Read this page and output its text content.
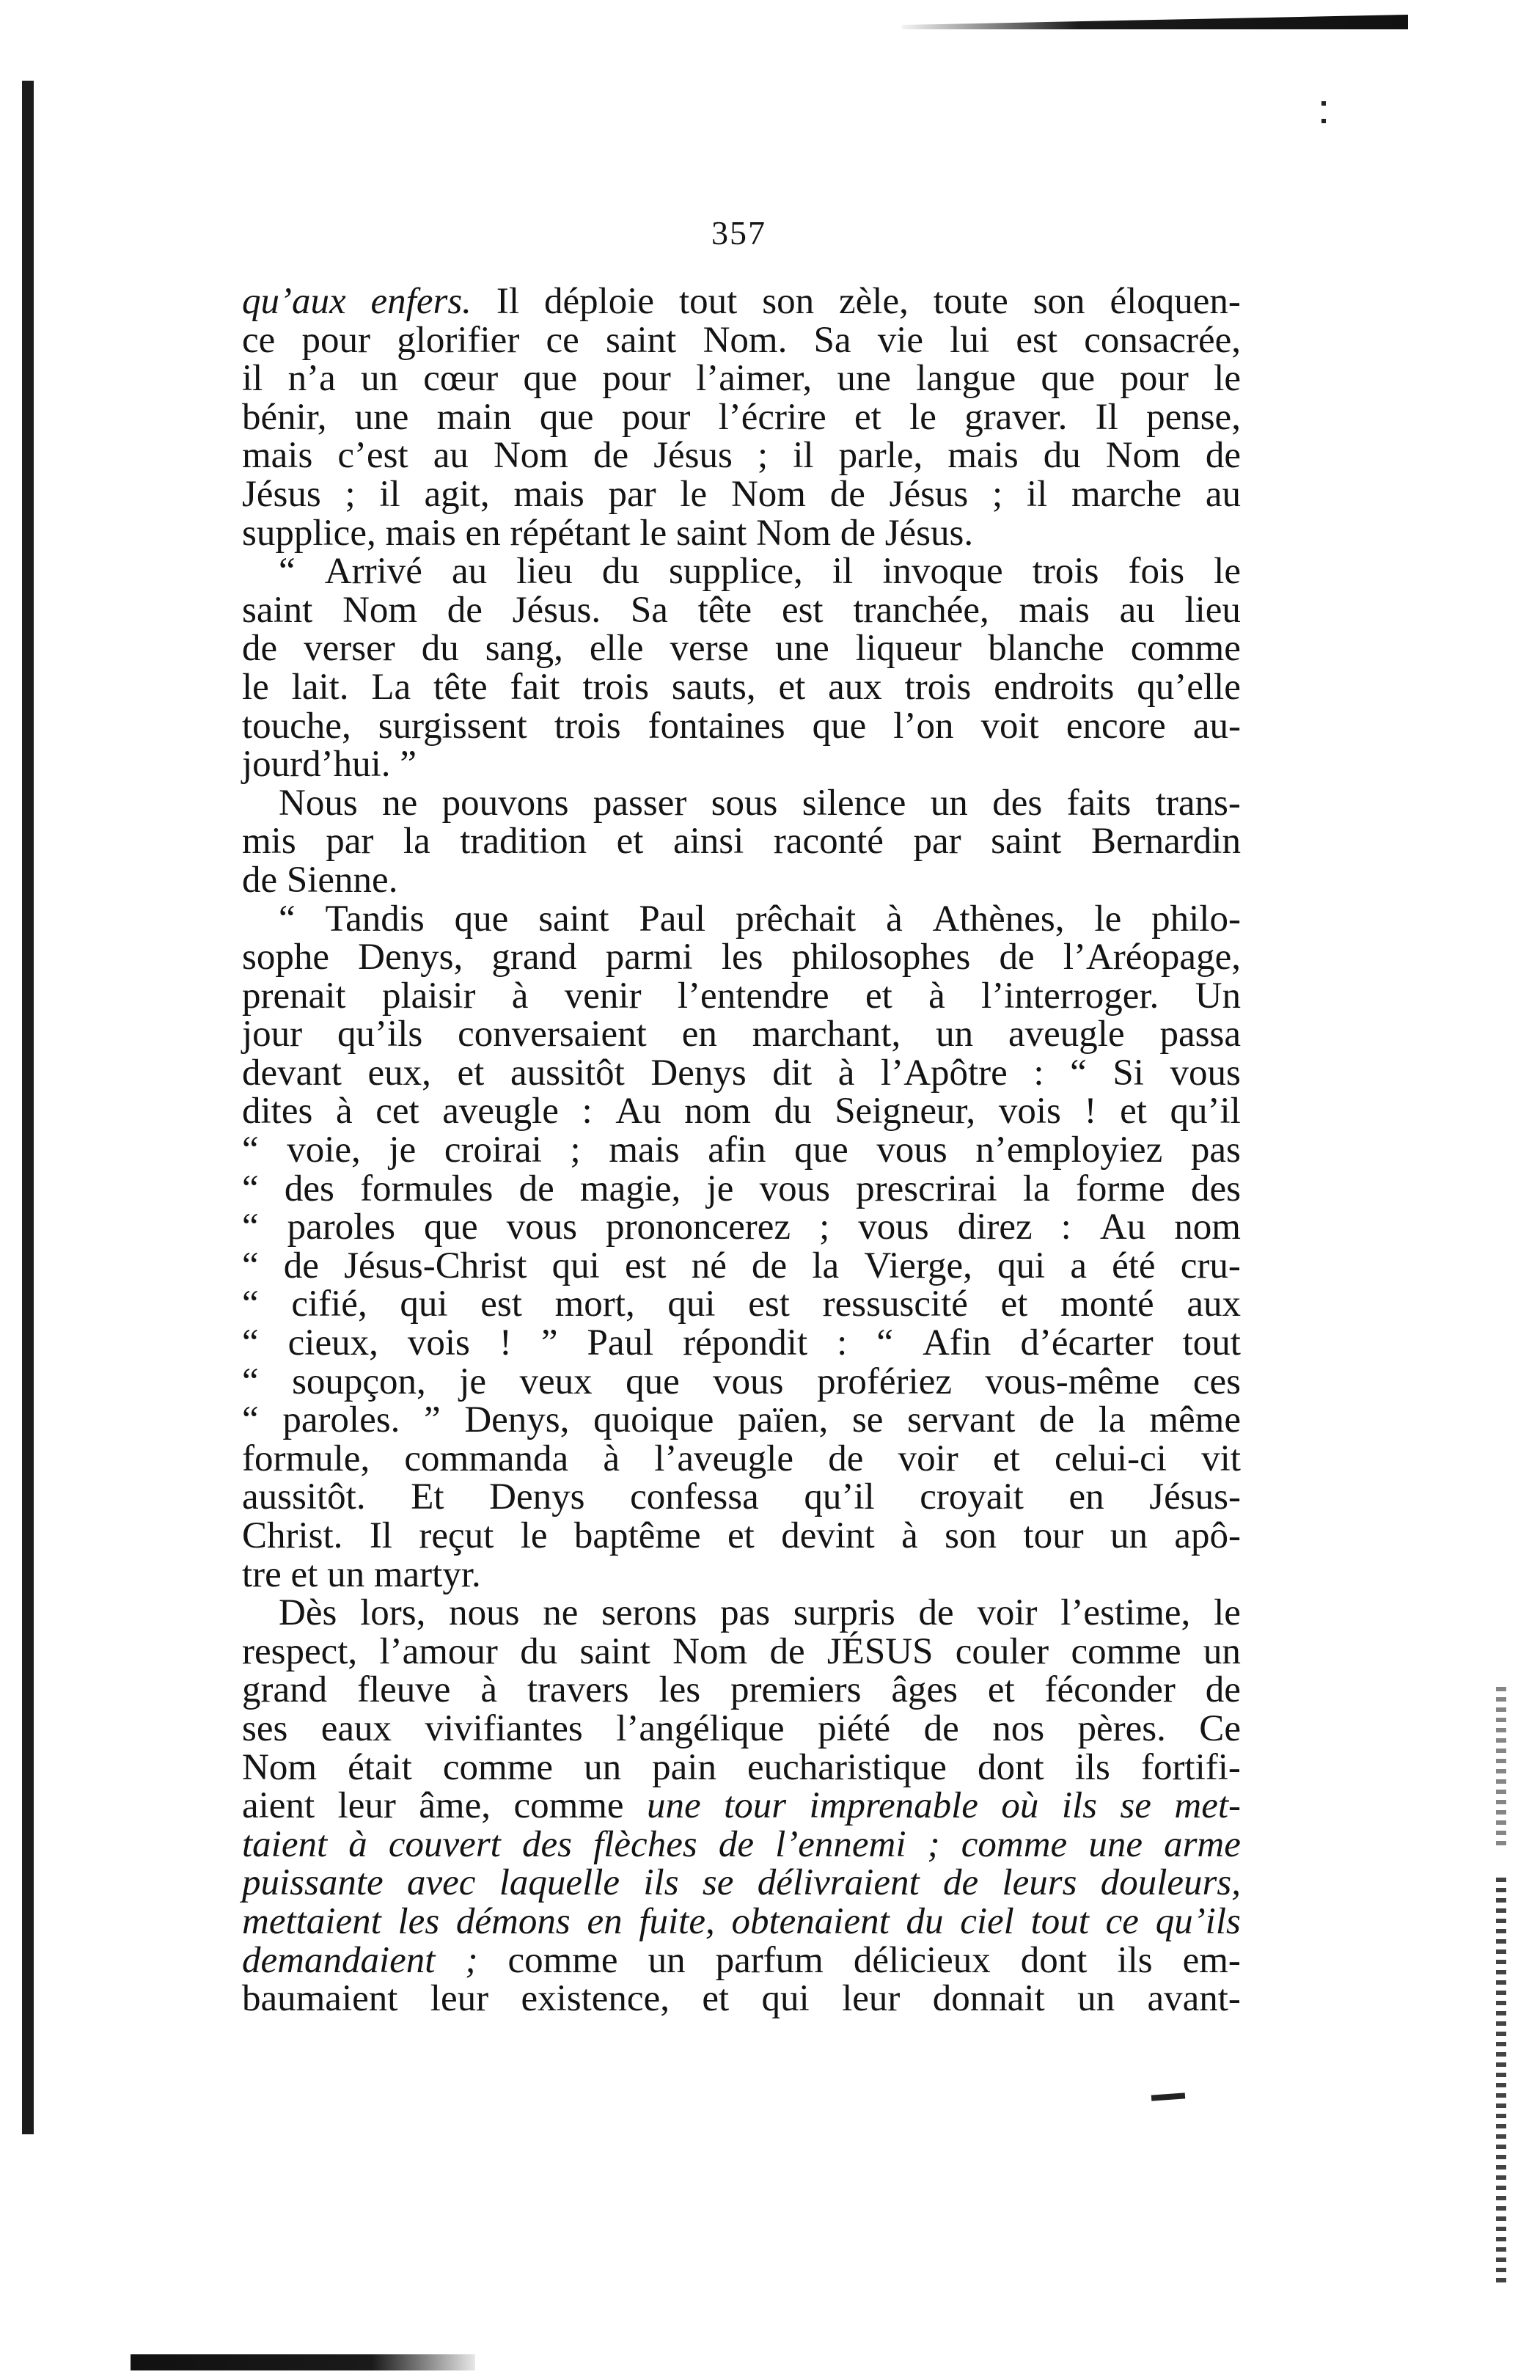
357
qu’aux enfers. Il déploie tout son zèle, toute son éloquen-
ce pour glorifier ce saint Nom. Sa vie lui est consacrée,
il n’a un cœur que pour l’aimer, une langue que pour le
bénir, une main que pour l’écrire et le graver. Il pense,
mais c’est au Nom de Jésus ; il parle, mais du Nom de
Jésus ; il agit, mais par le Nom de Jésus ; il marche au
supplice, mais en répétant le saint Nom de Jésus.
“ Arrivé au lieu du supplice, il invoque trois fois le
saint Nom de Jésus. Sa tête est tranchée, mais au lieu
de verser du sang, elle verse une liqueur blanche comme
le lait. La tête fait trois sauts, et aux trois endroits qu’elle
touche, surgissent trois fontaines que l’on voit encore au-
jourd’hui. ”
Nous ne pouvons passer sous silence un des faits trans-
mis par la tradition et ainsi raconté par saint Bernardin
de Sienne.
“ Tandis que saint Paul prêchait à Athènes, le philo-
sophe Denys, grand parmi les philosophes de l’Aréopage,
prenait plaisir à venir l’entendre et à l’interroger. Un
jour qu’ils conversaient en marchant, un aveugle passa
devant eux, et aussitôt Denys dit à l’Apôtre : “ Si vous
dites à cet aveugle : Au nom du Seigneur, vois ! et qu’il
“ voie, je croirai ; mais afin que vous n’employiez pas
“ des formules de magie, je vous prescrirai la forme des
“ paroles que vous prononcerez ; vous direz : Au nom
“ de Jésus-Christ qui est né de la Vierge, qui a été cru-
“ cifié, qui est mort, qui est ressuscité et monté aux
“ cieux, vois ! ” Paul répondit : “ Afin d’écarter tout
“ soupçon, je veux que vous profériez vous-même ces
“ paroles. ” Denys, quoique païen, se servant de la même
formule, commanda à l’aveugle de voir et celui-ci vit
aussitôt. Et Denys confessa qu’il croyait en Jésus-
Christ. Il reçut le baptême et devint à son tour un apô-
tre et un martyr.
Dès lors, nous ne serons pas surpris de voir l’estime, le
respect, l’amour du saint Nom de JÉSUS couler comme un
grand fleuve à travers les premiers âges et féconder de
ses eaux vivifiantes l’angélique piété de nos pères. Ce
Nom était comme un pain eucharistique dont ils fortifi-
aient leur âme, comme une tour imprenable où ils se met-
taient à couvert des flèches de l’ennemi ; comme une arme
puissante avec laquelle ils se délivraient de leurs douleurs,
mettaient les démons en fuite, obtenaient du ciel tout ce qu’ils
demandaient ; comme un parfum délicieux dont ils em-
baumaient leur existence, et qui leur donnait un avant-
